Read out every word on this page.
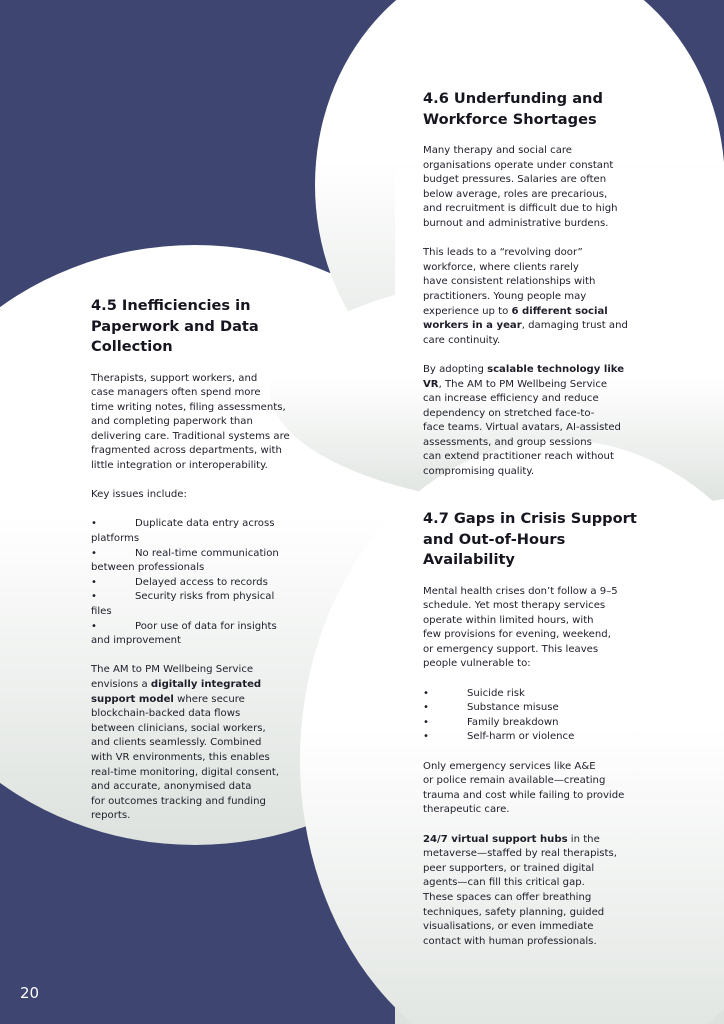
4.5 Inefficiencies in
Paperwork and Data
Collection

Therapists, support workers, and

case managers often spend more

time writing notes, filing assessments,

and completing paperwork than

delivering care. Traditional systems are

fragmented across departments, with

little integration or interoperability.

Key issues include:

•	Duplicate data entry across
platforms
•	No real-time communication
between professionals
•	Delayed access to records
•	Security risks from physical
files
•	Poor use of data for insights
and improvement

The AM to PM Wellbeing Service

envisions a digitally integrated

support model where secure

blockchain-backed data flows

between clinicians, social workers,

and clients seamlessly. Combined

with VR environments, this enables

real-time monitoring, digital consent,

and accurate, anonymised data

for outcomes tracking and funding

reports.

4.6 Underfunding and
Workforce Shortages

Many therapy and social care

organisations operate under constant

budget pressures. Salaries are often

below average, roles are precarious,

and recruitment is difficult due to high

burnout and administrative burdens.

This leads to a “revolving door”

workforce, where clients rarely

have consistent relationships with

practitioners. Young people may

experience up to 6 different social

workers in a year, damaging trust and

care continuity.

By adopting scalable technology like

VR, The AM to PM Wellbeing Service

can increase efficiency and reduce

dependency on stretched face-to-

face teams. Virtual avatars, AI-assisted

assessments, and group sessions

can extend practitioner reach without

compromising quality.

4.7 Gaps in Crisis Support
and Out-of-Hours
Availability

Mental health crises don’t follow a 9–5

schedule. Yet most therapy services

operate within limited hours, with

few provisions for evening, weekend,

or emergency support. This leaves

people vulnerable to:

•	Suicide risk
•	Substance misuse
•	Family breakdown
•	Self-harm or violence

Only emergency services like A&E

or police remain available—creating

trauma and cost while failing to provide

therapeutic care.

24/7 virtual support hubs in the

metaverse—staffed by real therapists,

peer supporters, or trained digital

agents—can fill this critical gap.

These spaces can offer breathing

techniques, safety planning, guided

visualisations, or even immediate

contact with human professionals.

20
